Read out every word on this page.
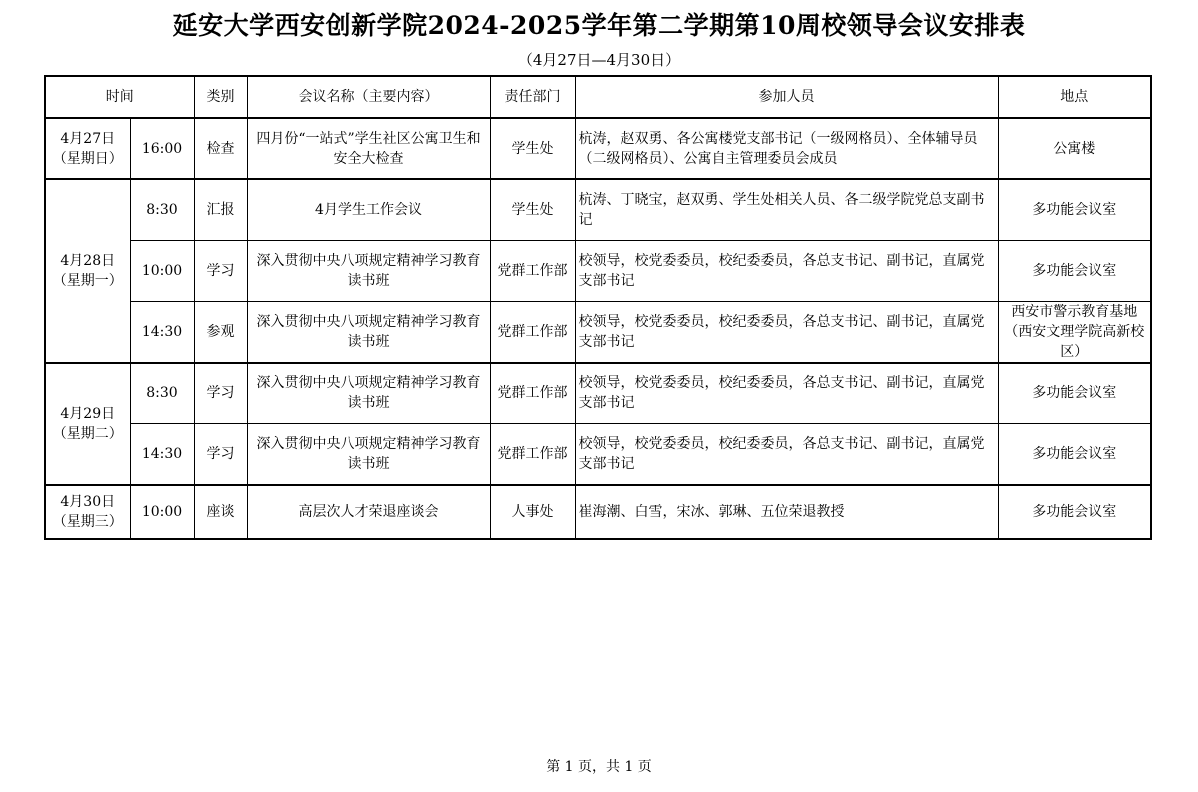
延安大学西安创新学院2024-2025学年第二学期第10周校领导会议安排表
（4月27日—4月30日）
时间		类别	会议名称（主要内容）	责任部门	参加人员	地点
4月27日
（星期日）	16:00	检查	四月份“一站式”学生社区公寓卫生和安全大检查	学生处	杭涛，赵双勇、各公寓楼党支部书记（一级网格员）、全体辅导员（二级网格员）、公寓自主管理委员会成员	公寓楼
4月28日
（星期一）	8:30	汇报	4月学生工作会议	学生处	杭涛、丁晓宝，赵双勇、学生处相关人员、各二级学院党总支副书记	多功能会议室
	10:00	学习	深入贯彻中央八项规定精神学习教育读书班	党群工作部	校领导，校党委委员，校纪委委员，各总支书记、副书记，直属党支部书记	多功能会议室
	14:30	参观	深入贯彻中央八项规定精神学习教育读书班	党群工作部	校领导，校党委委员，校纪委委员，各总支书记、副书记，直属党支部书记	西安市警示教育基地（西安文理学院高新校区）
4月29日
（星期二）	8:30	学习	深入贯彻中央八项规定精神学习教育读书班	党群工作部	校领导，校党委委员，校纪委委员，各总支书记、副书记，直属党支部书记	多功能会议室
	14:30	学习	深入贯彻中央八项规定精神学习教育读书班	党群工作部	校领导，校党委委员，校纪委委员，各总支书记、副书记，直属党支部书记	多功能会议室
4月30日
（星期三）	10:00	座谈	高层次人才荣退座谈会	人事处	崔海潮、白雪，宋冰、郭琳、五位荣退教授	多功能会议室
第 1 页，共 1 页
